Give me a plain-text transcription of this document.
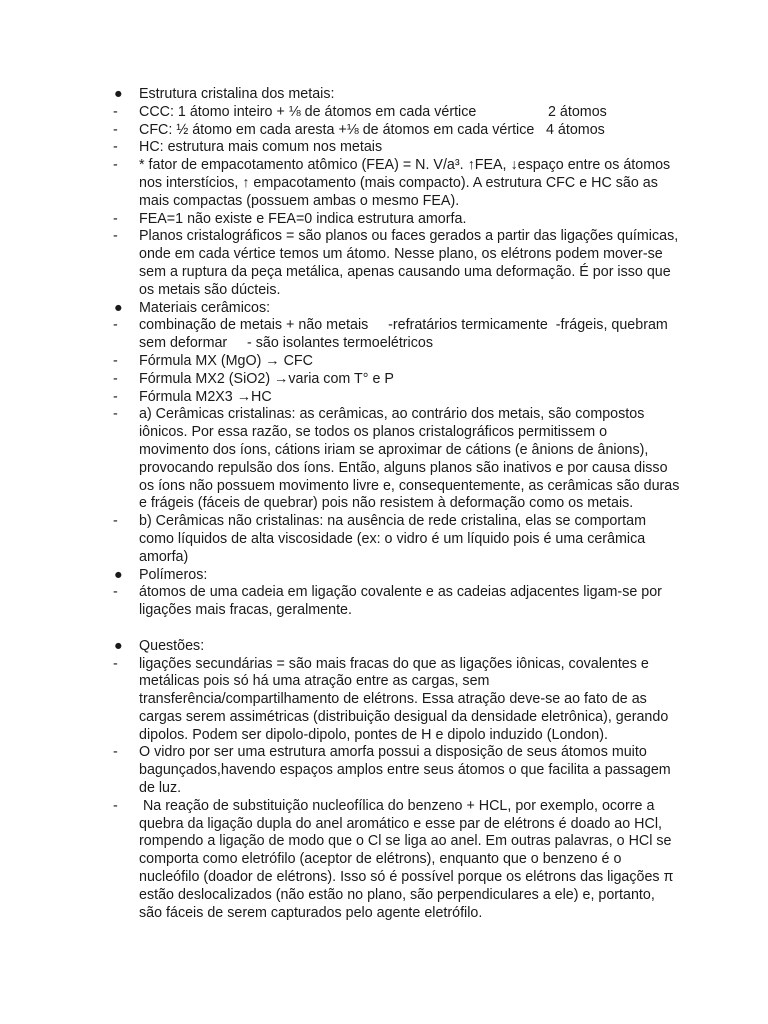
●	Estrutura cristalina dos metais:
-	CCC: 1 átomo inteiro + ⅛ de átomos em cada vértice	2 átomos
-	CFC: ½ átomo em cada aresta +⅛ de átomos em cada vértice 4 átomos
-	HC: estrutura mais comum nos metais
-	* fator de empacotamento atômico (FEA) = N. V/a³. ↑FEA, ↓espaço entre os átomos nos interstícios, ↑ empacotamento (mais compacto). A estrutura CFC e HC são as mais compactas (possuem ambas o mesmo FEA).
-	FEA=1 não existe e FEA=0 indica estrutura amorfa.
-	Planos cristalográficos = são planos ou faces gerados a partir das ligações químicas, onde em cada vértice temos um átomo. Nesse plano, os elétrons podem mover-se sem a ruptura da peça metálica, apenas causando uma deformação. É por isso que os metais são dúcteis.
●	Materiais cerâmicos:
-	combinação de metais + não metais     -refratários termicamente  -frágeis, quebram sem deformar     - são isolantes termoelétricos
-	Fórmula MX (MgO) → CFC
-	Fórmula MX2 (SiO2) →varia com T° e P
-	Fórmula M2X3 →HC
-	a) Cerâmicas cristalinas: as cerâmicas, ao contrário dos metais, são compostos iônicos. Por essa razão, se todos os planos cristalográficos permitissem o movimento dos íons, cátions iriam se aproximar de cátions (e ânions de ânions), provocando repulsão dos íons. Então, alguns planos são inativos e por causa disso os íons não possuem movimento livre e, consequentemente, as cerâmicas são duras e frágeis (fáceis de quebrar) pois não resistem à deformação como os metais.
-	b) Cerâmicas não cristalinas: na ausência de rede cristalina, elas se comportam como líquidos de alta viscosidade (ex: o vidro é um líquido pois é uma cerâmica amorfa)
●	Polímeros:
-	átomos de uma cadeia em ligação covalente e as cadeias adjacentes ligam-se por ligações mais fracas, geralmente.
●	Questões:
-	ligações secundárias = são mais fracas do que as ligações iônicas, covalentes e metálicas pois só há uma atração entre as cargas, sem transferência/compartilhamento de elétrons. Essa atração deve-se ao fato de as cargas serem assimétricas (distribuição desigual da densidade eletrônica), gerando dipolos. Podem ser dipolo-dipolo, pontes de H e dipolo induzido (London).
-	O vidro por ser uma estrutura amorfa possui a disposição de seus átomos muito bagunçados,havendo espaços amplos entre seus átomos o que facilita a passagem de luz.
-	Na reação de substituição nucleofílica do benzeno + HCL, por exemplo, ocorre a quebra da ligação dupla do anel aromático e esse par de elétrons é doado ao HCl, rompendo a ligação de modo que o Cl se liga ao anel. Em outras palavras, o HCl se comporta como eletrófilo (aceptor de elétrons), enquanto que o benzeno é o nucleófilo (doador de elétrons). Isso só é possível porque os elétrons das ligações π estão deslocalizados (não estão no plano, são perpendiculares a ele) e, portanto, são fáceis de serem capturados pelo agente eletrófilo.
